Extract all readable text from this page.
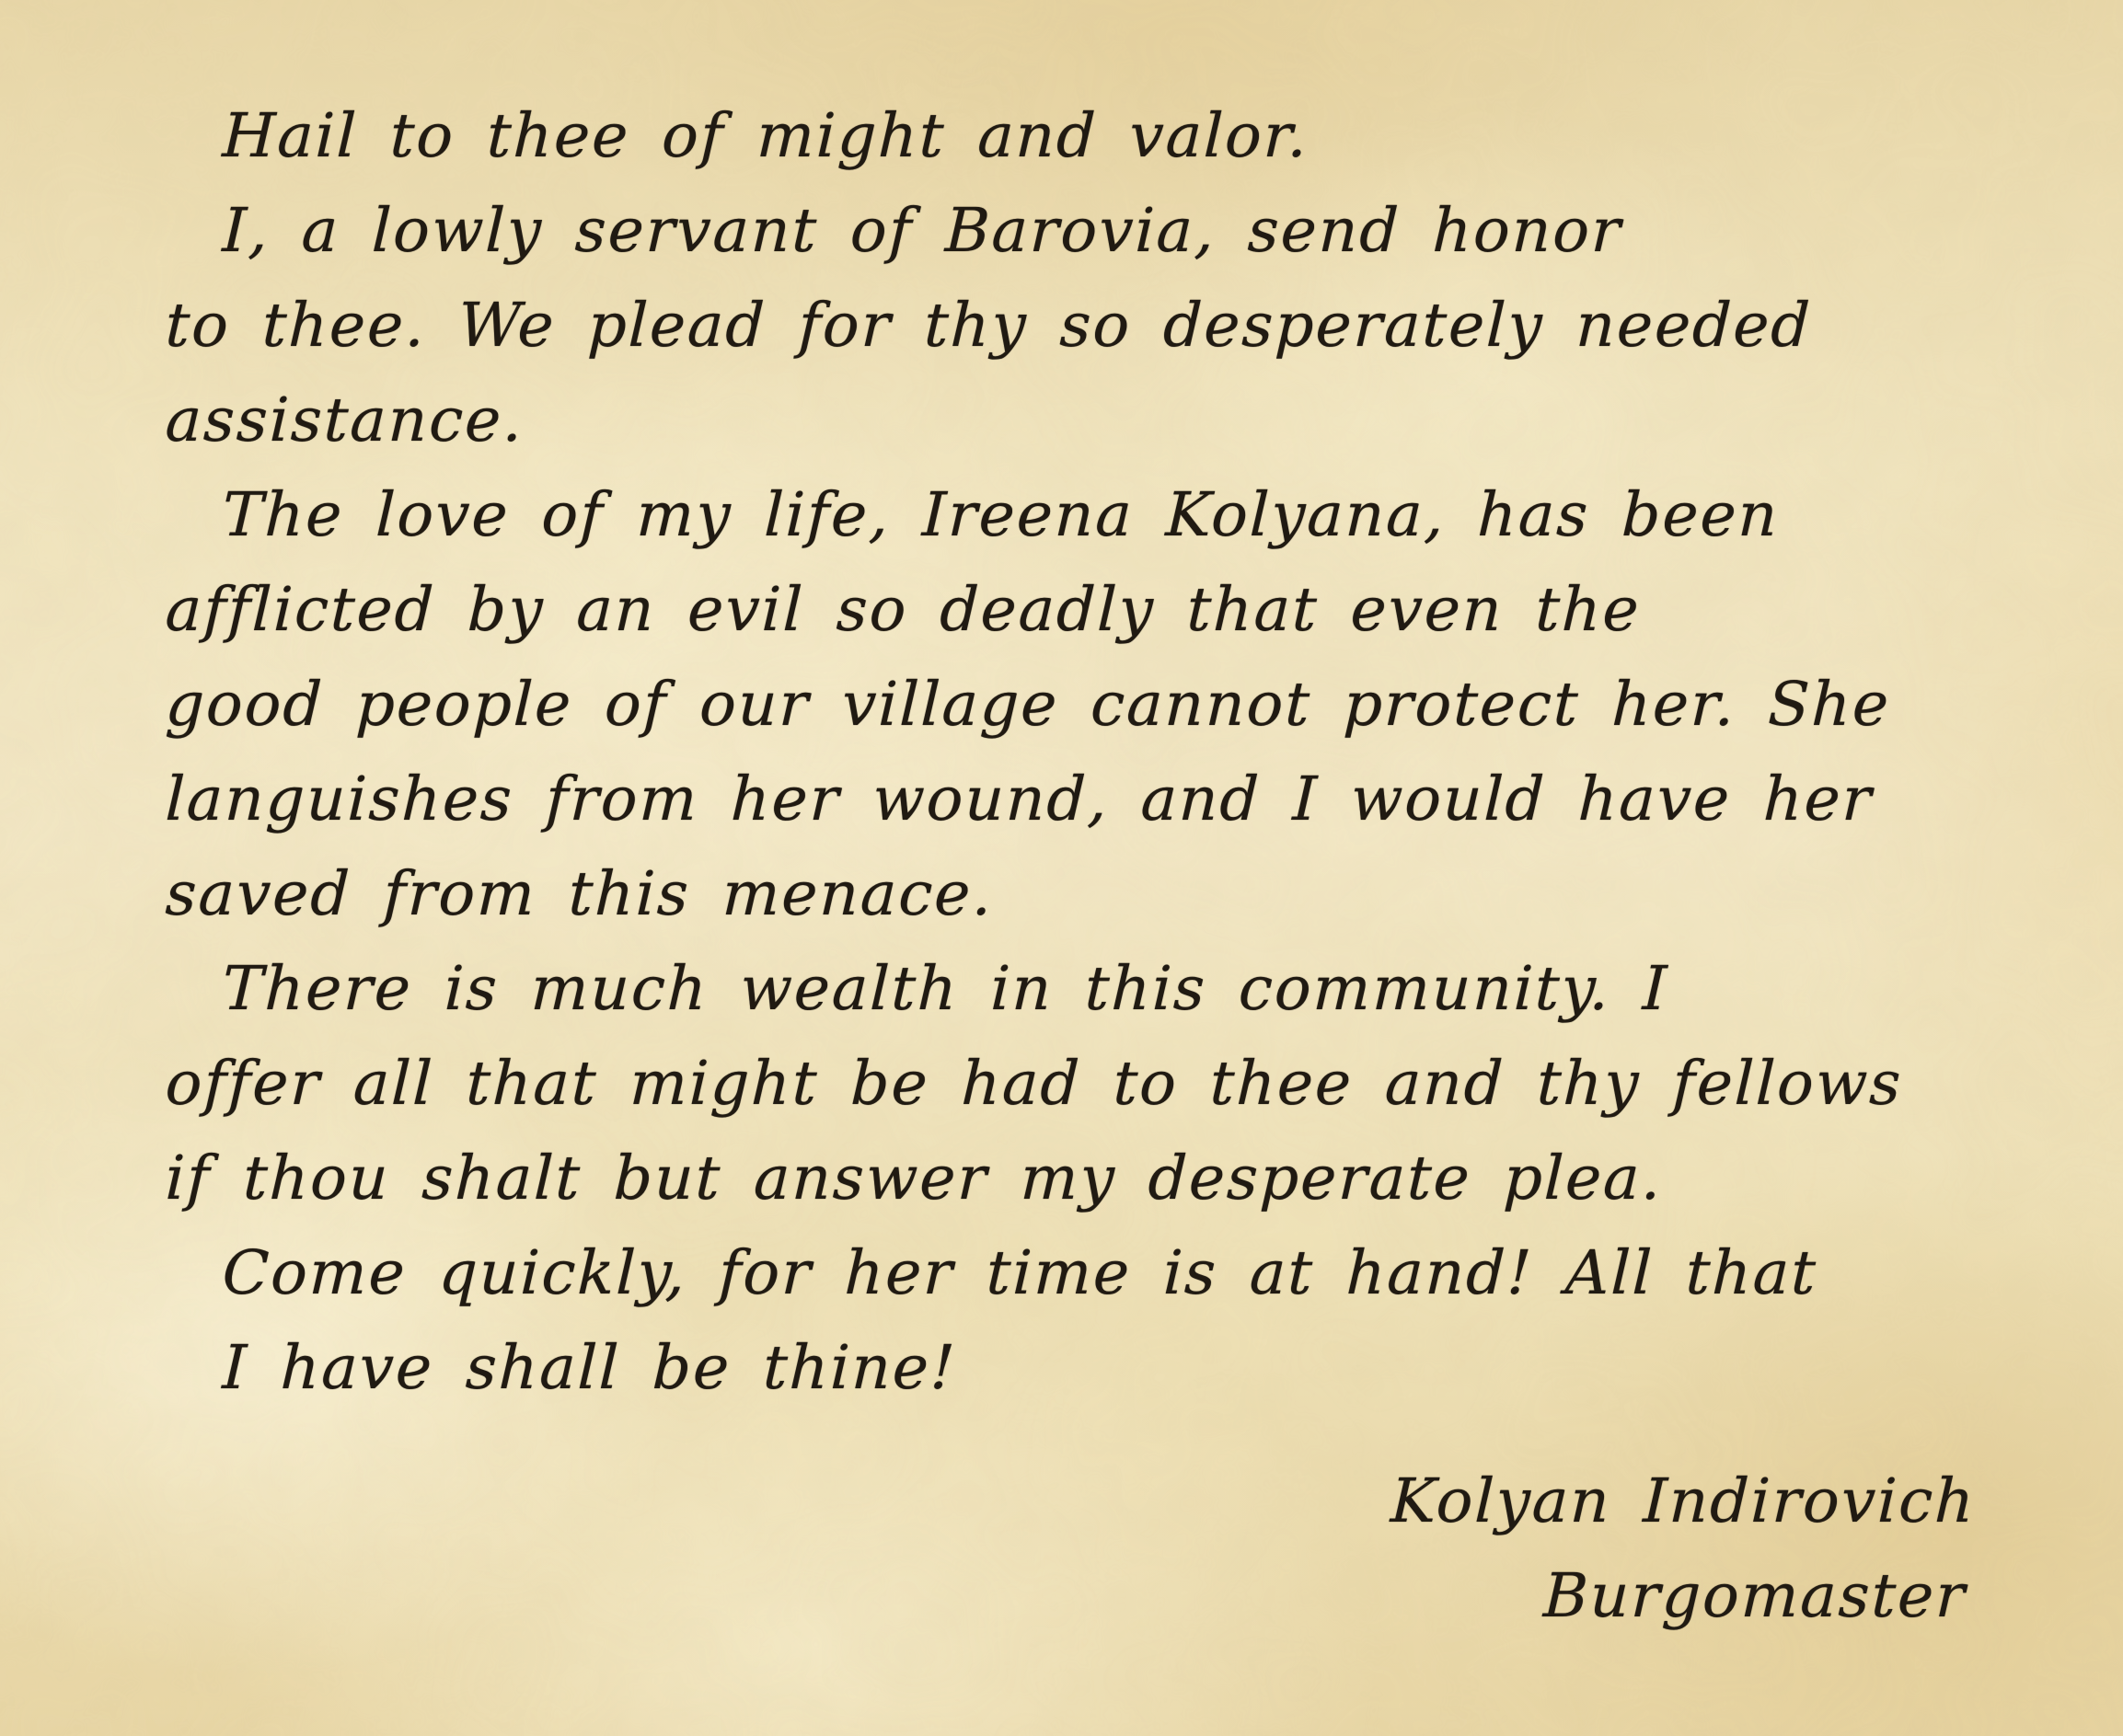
Hail to thee of might and valor.
I, a lowly servant of Barovia, send honor
to thee. We plead for thy so desperately needed
assistance.
The love of my life, Ireena Kolyana, has been
afflicted by an evil so deadly that even the
good people of our village cannot protect her. She
languishes from her wound, and I would have her
saved from this menace.
There is much wealth in this community. I
offer all that might be had to thee and thy fellows
if thou shalt but answer my desperate plea.
Come quickly, for her time is at hand! All that
I have shall be thine!
Kolyan Indirovich
Burgomaster
